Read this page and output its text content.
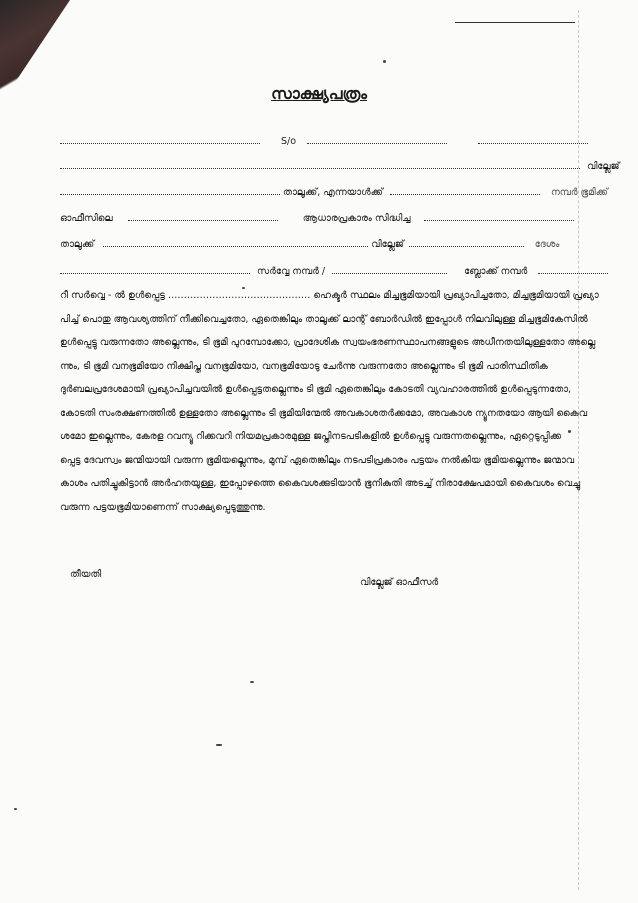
സാക്ഷ്യപത്രം
S/o
വില്ലേജ്
താലൂക്ക്, എന്നയാൾക്ക്	നമ്പർ ഭൂമിക്ക്
ഓഫീസിലെ	ആധാരപ്രകാരം സിദ്ധിച്ച
താലൂക്ക്	വില്ലേജ്	ദേശം
സർവ്വേ നമ്പർ /	ബ്ലോക്ക് നമ്പർ
റീ സർവ്വെ - ൽ ഉൾപ്പെട്ട ……………………………………… ഹെക്ടർ സ്ഥലം മിച്ചഭൂമിയായി പ്രഖ്യാപിച്ചതോ, മിച്ചഭൂമിയായി പ്രഖ്യാ
പിച്ച് പൊതു ആവശ്യത്തിന് നീക്കിവെച്ചതോ, ഏതെങ്കിലും താലൂക്ക് ലാന്റ് ബോർഡിൽ ഇപ്പോൾ നിലവിലുള്ള മിച്ചഭൂമികേസിൽ
ഉൾപ്പെട്ടു വരുന്നതോ അല്ലെന്നും, ടി ഭൂമി പുറമ്പോക്കോ, പ്രാദേശിക സ്വയംഭരണസ്ഥാപനങ്ങളുടെ അധീനതയിലുള്ളതോ അല്ലെ
ന്നും, ടി ഭൂമി വനഭൂമിയോ നിക്ഷിപ്ത വനഭൂമിയോ, വനഭൂമിയോടു ചേർന്നു വരുന്നതോ അല്ലെന്നും ടി ഭൂമി പാരിസ്ഥിതിക
ദുർബലപ്രദേശമായി പ്രഖ്യാപിച്ചവയിൽ ഉൾപ്പെട്ടതല്ലെന്നും ടി ഭൂമി ഏതെങ്കിലും കോടതി വ്യവഹാരത്തിൽ ഉൾപ്പെടുന്നതോ,
കോടതി സംരക്ഷണത്തിൽ ഉള്ളതോ അല്ലെന്നും ടി ഭൂമിയിന്മേൽ അവകാശതർക്കമോ, അവകാശ ന്യൂനതയോ ആയി കൈവ
ശമോ ഇല്ലെന്നും, കേരള റവന്യൂ റിക്കവറി നിയമപ്രകാരമുള്ള ജപ്തിനടപടികളിൽ ഉൾപ്പെട്ടു വരുന്നതല്ലെന്നും, ഏറ്റെടുപ്പിക്ക
പ്പെട്ട ദേവസ്വം ജന്മിയായി വരുന്ന ഭൂമിയല്ലെന്നും, മുമ്പ് ഏതെങ്കിലും നടപടിപ്രകാരം പട്ടയം നൽകിയ ഭൂമിയല്ലെന്നും ജന്മാവ
കാശം പതിച്ചുകിട്ടാൻ അർഹതയുള്ള, ഇപ്പോഴത്തെ കൈവശക്കുടിയാൻ ഭൂനികുതി അടച്ച് നിരാക്ഷേപമായി കൈവശം വെച്ചു
വരുന്ന പട്ടയഭൂമിയാണെന്ന് സാക്ഷ്യപ്പെടുത്തുന്നു.
തീയതി
വില്ലേജ് ഓഫീസർ
